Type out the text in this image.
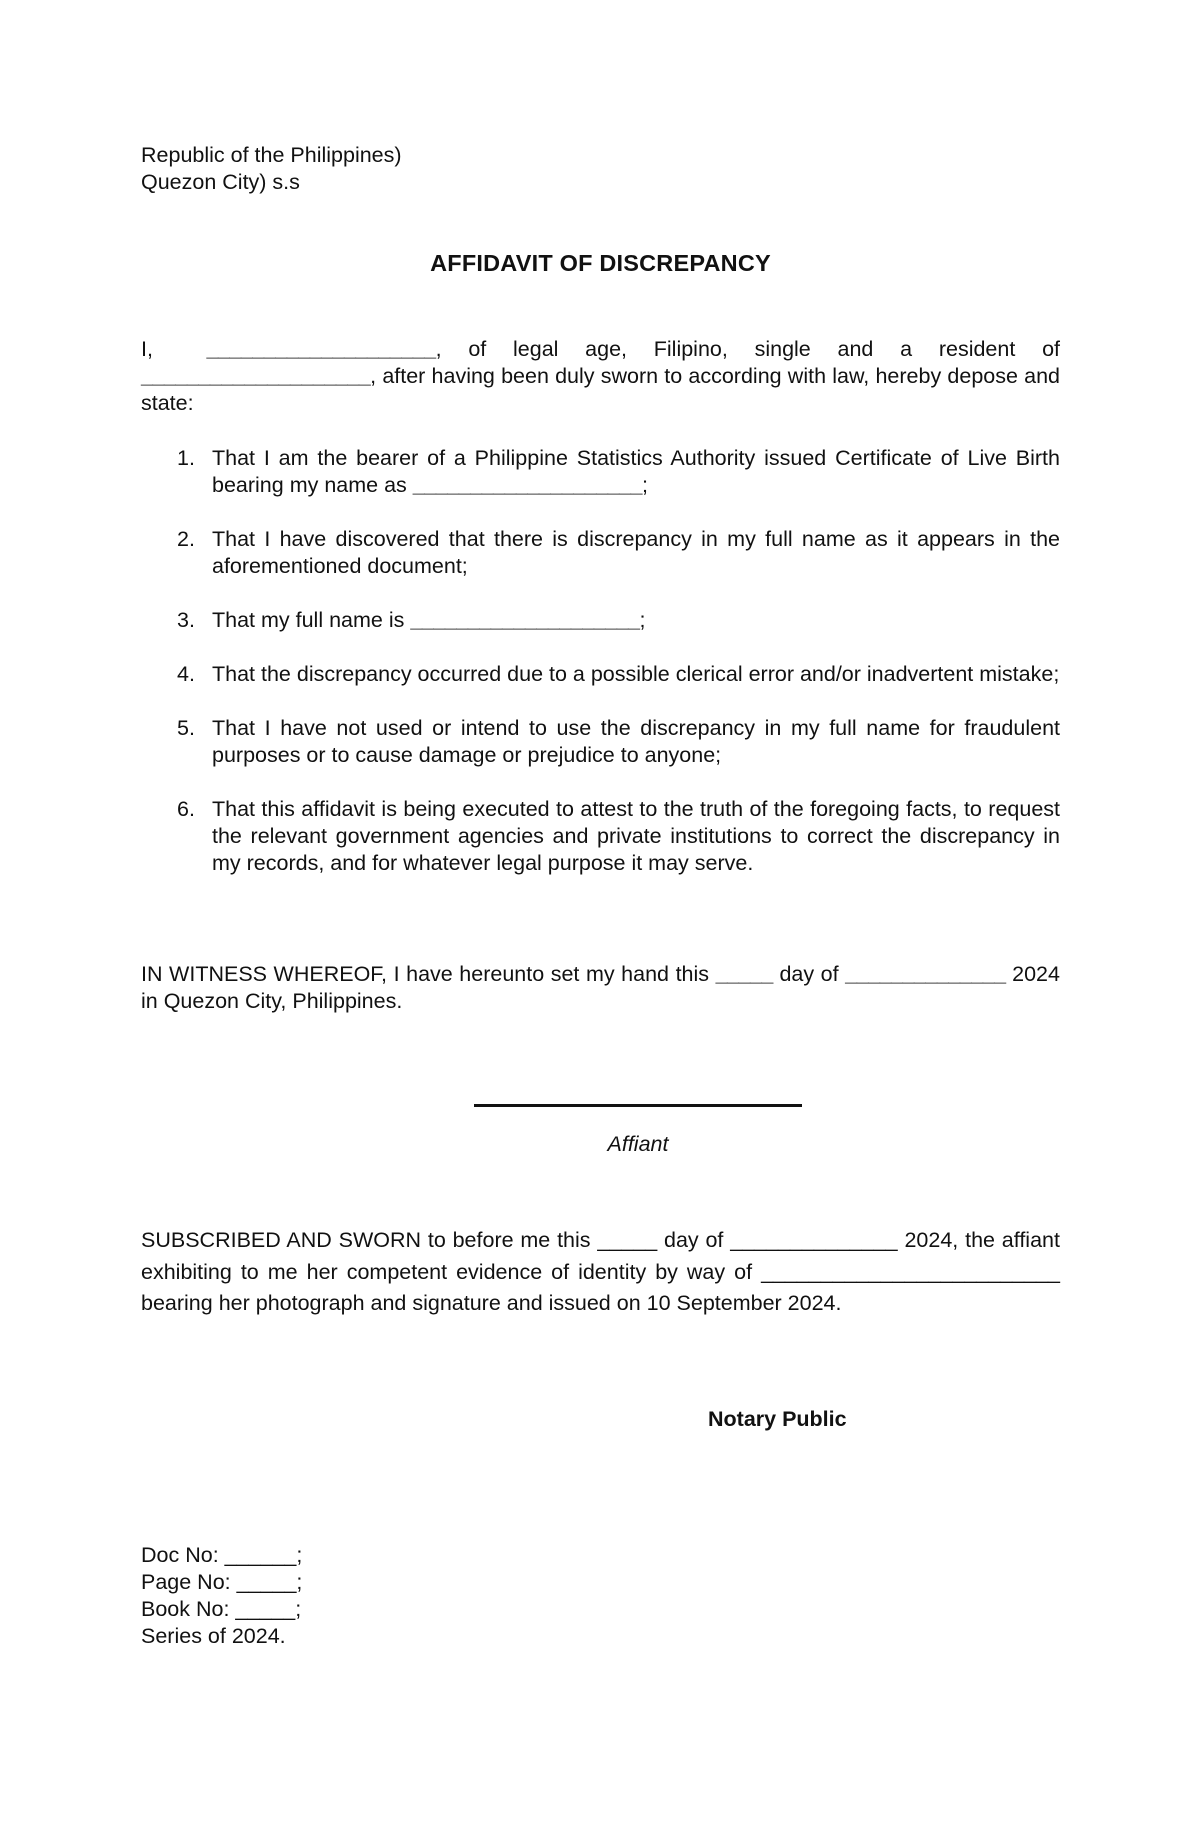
Republic of the Philippines)
Quezon City) s.s
AFFIDAVIT OF DISCREPANCY
I, ____________________, of legal age, Filipino, single and a resident of ____________________, after having been duly sworn to according with law, hereby depose and state:
1. That I am the bearer of a Philippine Statistics Authority issued Certificate of Live Birth bearing my name as ____________________;
2. That I have discovered that there is discrepancy in my full name as it appears in the aforementioned document;
3. That my full name is ____________________;
4. That the discrepancy occurred due to a possible clerical error and/or inadvertent mistake;
5. That I have not used or intend to use the discrepancy in my full name for fraudulent purposes or to cause damage or prejudice to anyone;
6. That this affidavit is being executed to attest to the truth of the foregoing facts, to request the relevant government agencies and private institutions to correct the discrepancy in my records, and for whatever legal purpose it may serve.
IN WITNESS WHEREOF, I have hereunto set my hand this _____ day of ______________ 2024 in Quezon City, Philippines.
Affiant
SUBSCRIBED AND SWORN to before me this _____ day of ______________ 2024, the affiant exhibiting to me her competent evidence of identity by way of _________________________ bearing her photograph and signature and issued on 10 September 2024.
Notary Public
Doc No: ______;
Page No: _____;
Book No: _____;
Series of 2024.
